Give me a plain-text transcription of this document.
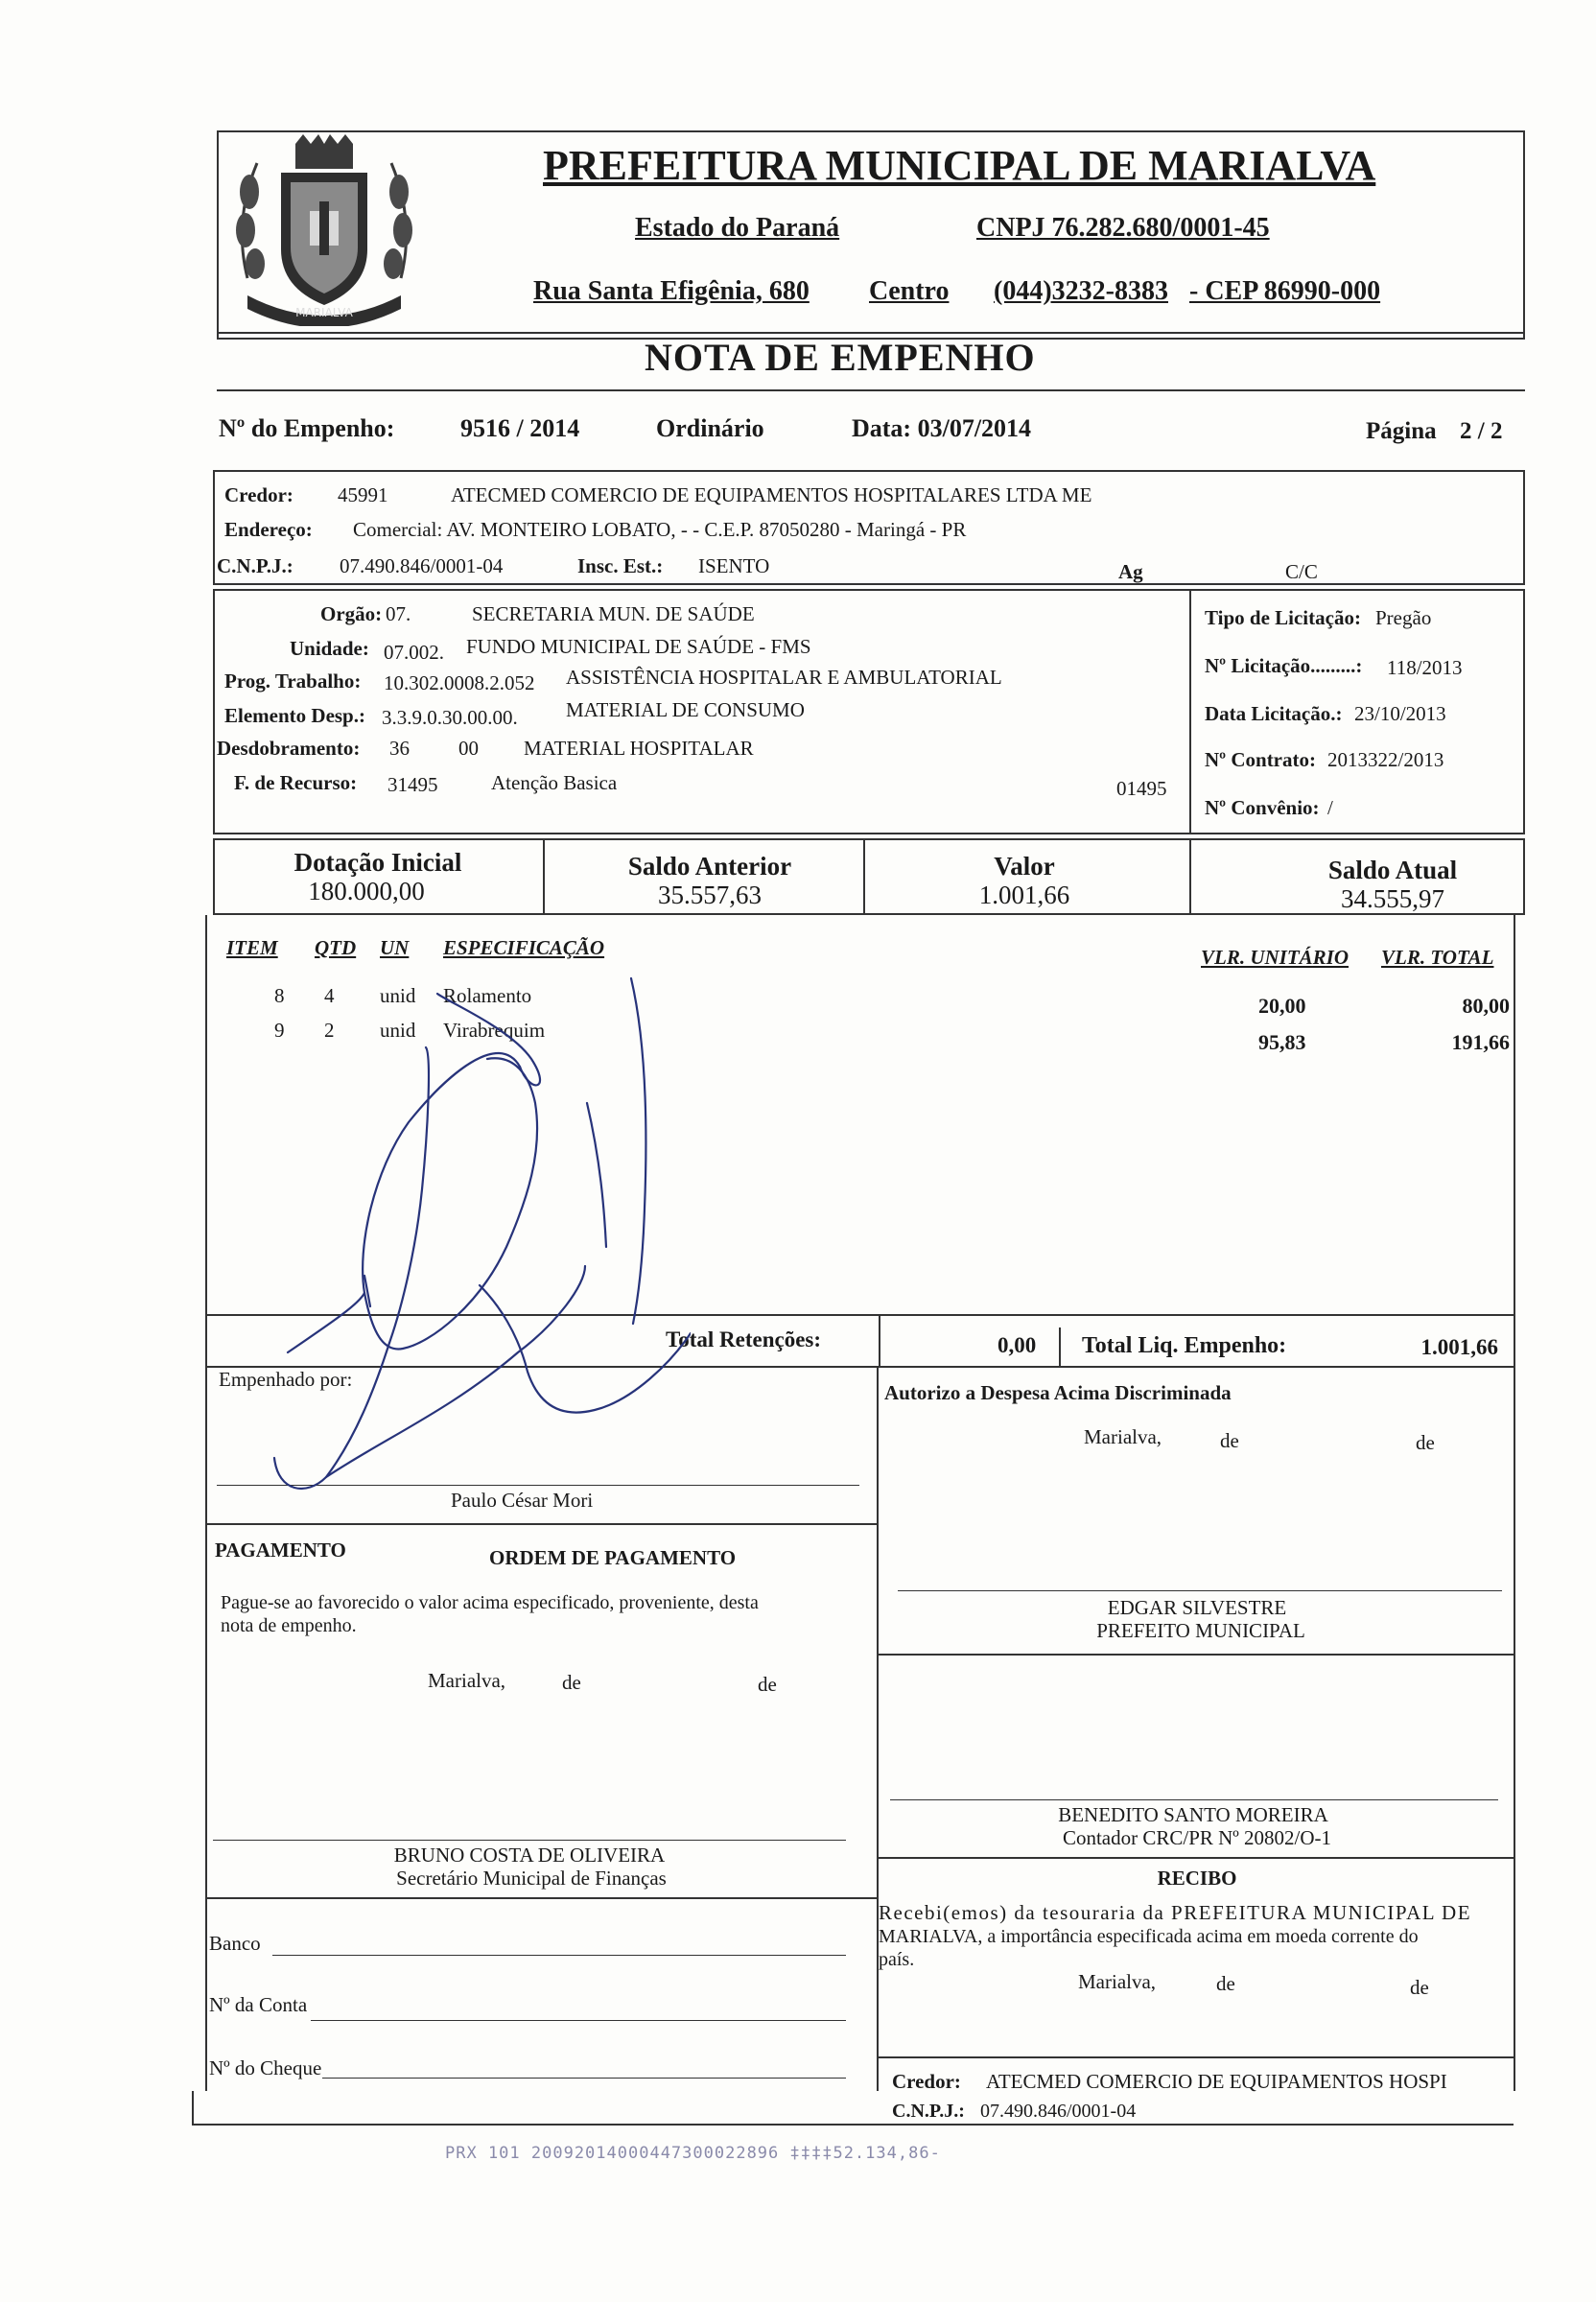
MARIALVA
PREFEITURA MUNICIPAL DE MARIALVA
Estado do Paraná	CNPJ 76.282.680/0001-45
Rua Santa Efigênia, 680 Centro (044)3232-8383 - CEP 86990-000
NOTA DE EMPENHO
Nº do Empenho:	9516 / 2014	Ordinário	Data: 03/07/2014	Página 2 / 2
Credor: 45991	ATECMED COMERCIO DE EQUIPAMENTOS HOSPITALARES LTDA ME
Endereço: Comercial: AV. MONTEIRO LOBATO, - - C.E.P. 87050280 - Maringá - PR
C.N.P.J.: 07.490.846/0001-04	Insc. Est.: ISENTO	Ag	C/C
Orgão: 07.	SECRETARIA MUN. DE SAÚDE
Unidade: 07.002. FUNDO MUNICIPAL DE SAÚDE - FMS
Prog. Trabalho: 10.302.0008.2.052 ASSISTÊNCIA HOSPITALAR E AMBULATORIAL
Elemento Desp.: 3.3.9.0.30.00.00. MATERIAL DE CONSUMO
Desdobramento: 36 00 MATERIAL HOSPITALAR
F. de Recurso: 31495	Atenção Basica	01495
Tipo de Licitação: Pregão
Nº Licitação.........: 118/2013
Data Licitação.: 23/10/2013
Nº Contrato: 2013322/2013
Nº Convênio: /
Dotação Inicial
180.000,00
Saldo Anterior
35.557,63
Valor
1.001,66
Saldo Atual
34.555,97
ITEM QTD UN ESPECIFICAÇÃO	VLR. UNITÁRIO VLR. TOTAL
8 4 unid Rolamento	20,00	80,00
9 2 unid Virabrequim	95,83	191,66
Total Retenções:	0,00 Total Liq. Empenho:	1.001,66
Empenhado por:
Autorizo a Despesa Acima Discriminada
Marialva,	de	de
Paulo César Mori
PAGAMENTO	ORDEM DE PAGAMENTO
Pague-se ao favorecido o valor acima especificado, proveniente, desta
nota de empenho.
Marialva,	de	de
EDGAR SILVESTRE
PREFEITO MUNICIPAL
BENEDITO SANTO MOREIRA
Contador CRC/PR Nº 20802/O-1
BRUNO COSTA DE OLIVEIRA
Secretário Municipal de Finanças
Banco
Nº da Conta
Nº do Cheque
RECIBO
Recebi(emos) da tesouraria da PREFEITURA MUNICIPAL DE
MARIALVA, a importância especificada acima em moeda corrente do
país.
Marialva,	de	de
Credor: ATECMED COMERCIO DE EQUIPAMENTOS HOSPI
C.N.P.J.: 07.490.846/0001-04
PRX 101 20092014000447300022896 ‡‡‡‡52.134,86-
